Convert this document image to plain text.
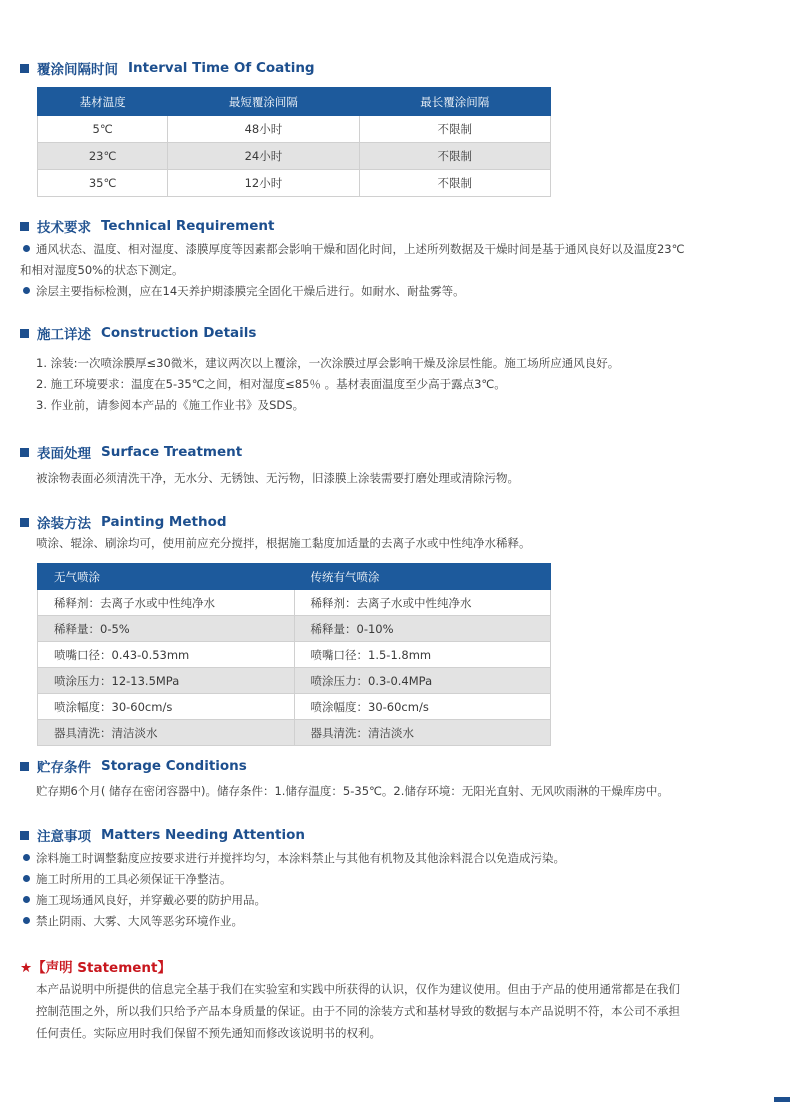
覆涂间隔时间 Interval Time Of Coating
基材温度	最短覆涂间隔	最长覆涂间隔
5℃	48小时	不限制
23℃	24小时	不限制
35℃	12小时	不限制
技术要求 Technical Requirement
通风状态、温度、相对湿度、漆膜厚度等因素都会影响干燥和固化时间，上述所列数据及干燥时间是基于通风良好以及温度23℃
和相对湿度50%的状态下测定。
涂层主要指标检测，应在14天养护期漆膜完全固化干燥后进行。如耐水、耐盐雾等。
施工详述 Construction Details
1. 涂装:一次喷涂膜厚≤30微米，建议两次以上覆涂，一次涂膜过厚会影响干燥及涂层性能。施工场所应通风良好。
2. 施工环境要求：温度在5-35℃之间，相对湿度≤85％ 。基材表面温度至少高于露点3℃。
3. 作业前，请参阅本产品的《施工作业书》及SDS。
表面处理 Surface Treatment
被涂物表面必须清洗干净，无水分、无锈蚀、无污物，旧漆膜上涂装需要打磨处理或清除污物。
涂装方法 Painting Method
喷涂、辊涂、刷涂均可，使用前应充分搅拌，根据施工黏度加适量的去离子水或中性纯净水稀释。
无气喷涂	传统有气喷涂
稀释剂：去离子水或中性纯净水	稀释剂：去离子水或中性纯净水
稀释量：0-5%	稀释量：0-10%
喷嘴口径：0.43-0.53mm	喷嘴口径：1.5-1.8mm
喷涂压力：12-13.5MPa	喷涂压力：0.3-0.4MPa
喷涂幅度：30-60cm/s	喷涂幅度：30-60cm/s
器具清洗：清洁淡水	器具清洗：清洁淡水
贮存条件 Storage Conditions
贮存期6个月( 储存在密闭容器中)。储存条件：1.储存温度：5-35℃。2.储存环境：无阳光直射、无风吹雨淋的干燥库房中。
注意事项 Matters Needing Attention
涂料施工时调整黏度应按要求进行并搅拌均匀，本涂料禁止与其他有机物及其他涂料混合以免造成污染。
施工时所用的工具必须保证干净整洁。
施工现场通风良好，并穿戴必要的防护用品。
禁止阴雨、大雾、大风等恶劣环境作业。
★【声明 Statement】
本产品说明中所提供的信息完全基于我们在实验室和实践中所获得的认识，仅作为建议使用。但由于产品的使用通常都是在我们
控制范围之外，所以我们只给予产品本身质量的保证。由于不同的涂装方式和基材导致的数据与本产品说明不符，本公司不承担
任何责任。实际应用时我们保留不预先通知而修改该说明书的权利。
